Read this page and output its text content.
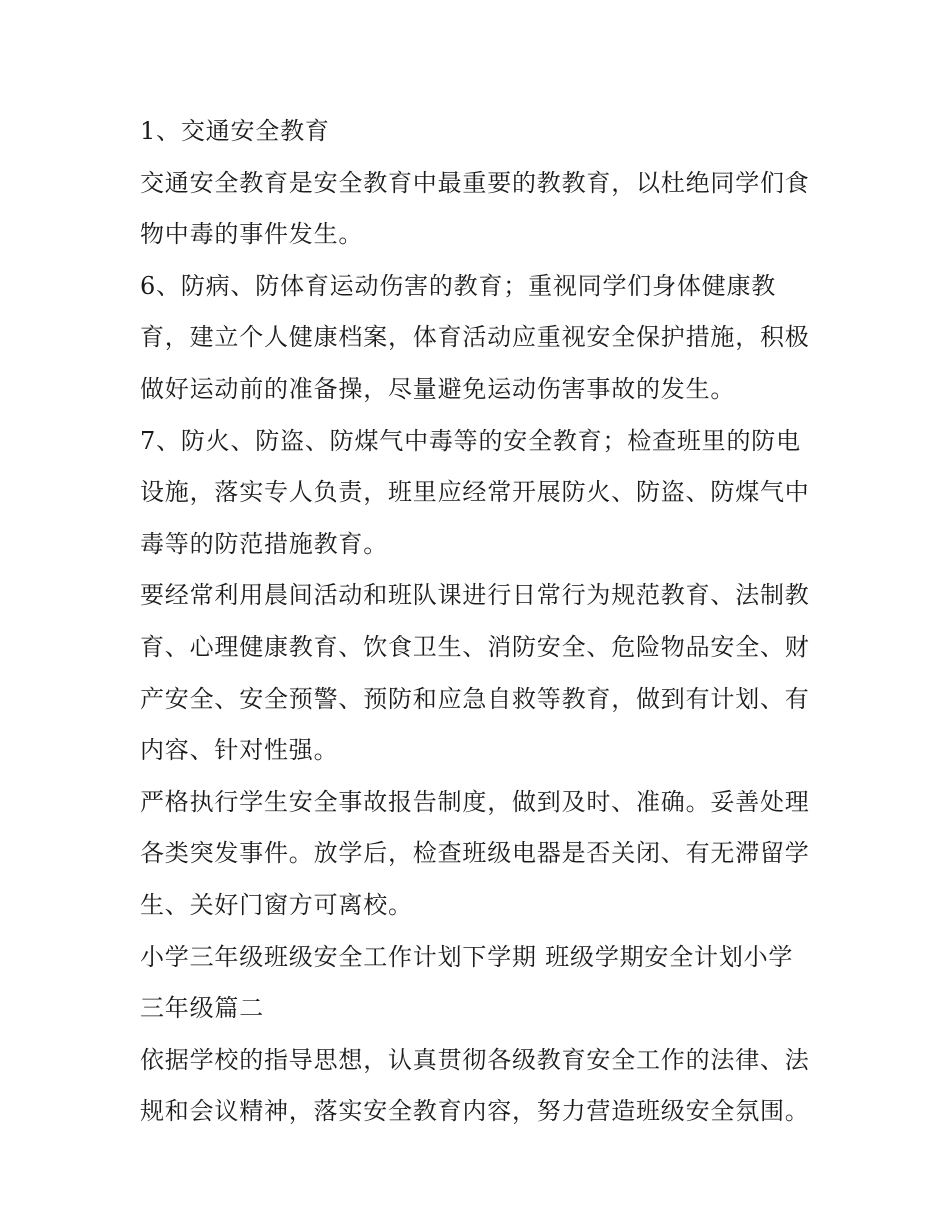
1、交通安全教育
交通安全教育是安全教育中最重要的教教育，以杜绝同学们食
物中毒的事件发生。
6、防病、防体育运动伤害的教育；重视同学们身体健康教
育，建立个人健康档案，体育活动应重视安全保护措施，积极
做好运动前的准备操，尽量避免运动伤害事故的发生。
7、防火、防盗、防煤气中毒等的安全教育；检查班里的防电
设施，落实专人负责，班里应经常开展防火、防盗、防煤气中
毒等的防范措施教育。
要经常利用晨间活动和班队课进行日常行为规范教育、法制教
育、心理健康教育、饮食卫生、消防安全、危险物品安全、财
产安全、安全预警、预防和应急自救等教育，做到有计划、有
内容、针对性强。
严格执行学生安全事故报告制度，做到及时、准确。妥善处理
各类突发事件。放学后，检查班级电器是否关闭、有无滞留学
生、关好门窗方可离校。
小学三年级班级安全工作计划下学期 班级学期安全计划小学
三年级篇二
依据学校的指导思想，认真贯彻各级教育安全工作的法律、法
规和会议精神，落实安全教育内容，努力营造班级安全氛围。
